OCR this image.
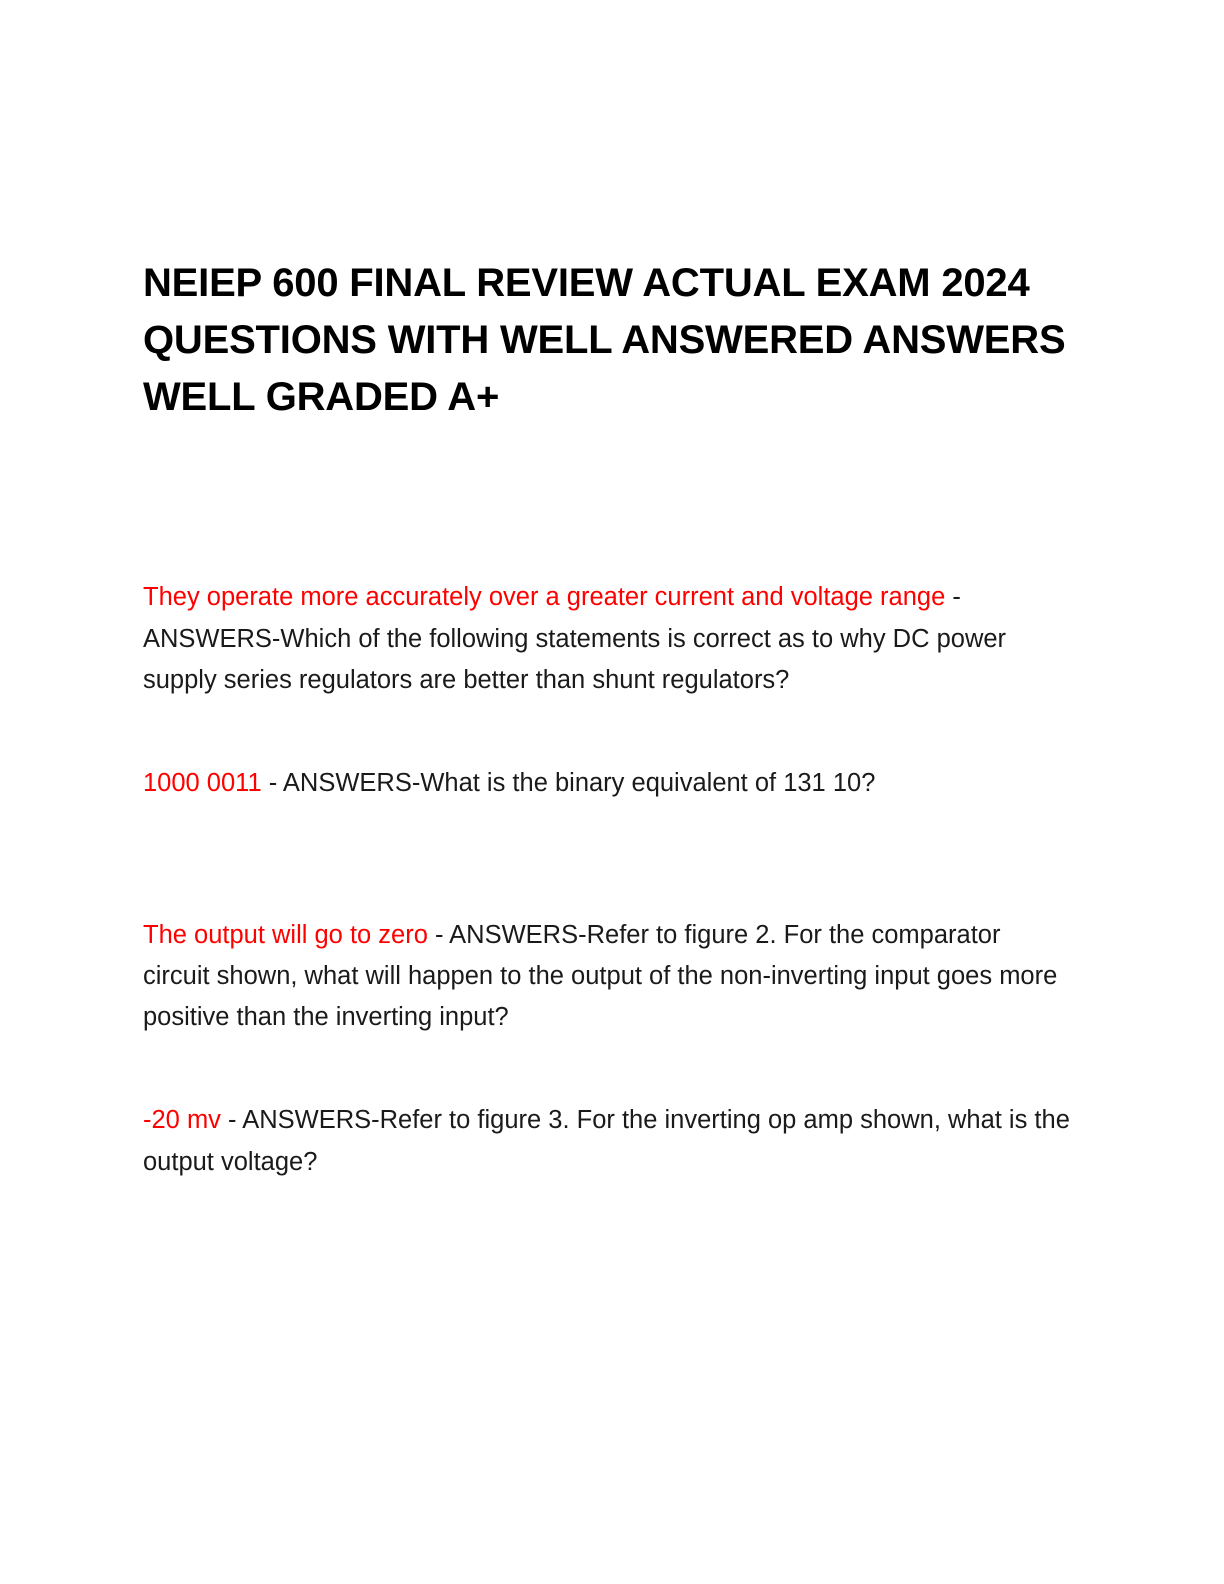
NEIEP 600 FINAL REVIEW ACTUAL EXAM 2024 QUESTIONS WITH WELL ANSWERED ANSWERS WELL GRADED A+

They operate more accurately over a greater current and voltage range - ANSWERS-Which of the following statements is correct as to why DC power supply series regulators are better than shunt regulators?

1000 0011 - ANSWERS-What is the binary equivalent of 131 10?

The output will go to zero - ANSWERS-Refer to figure 2. For the comparator circuit shown, what will happen to the output of the non-inverting input goes more positive than the inverting input?

-20 mv - ANSWERS-Refer to figure 3. For the inverting op amp shown, what is the output voltage?
